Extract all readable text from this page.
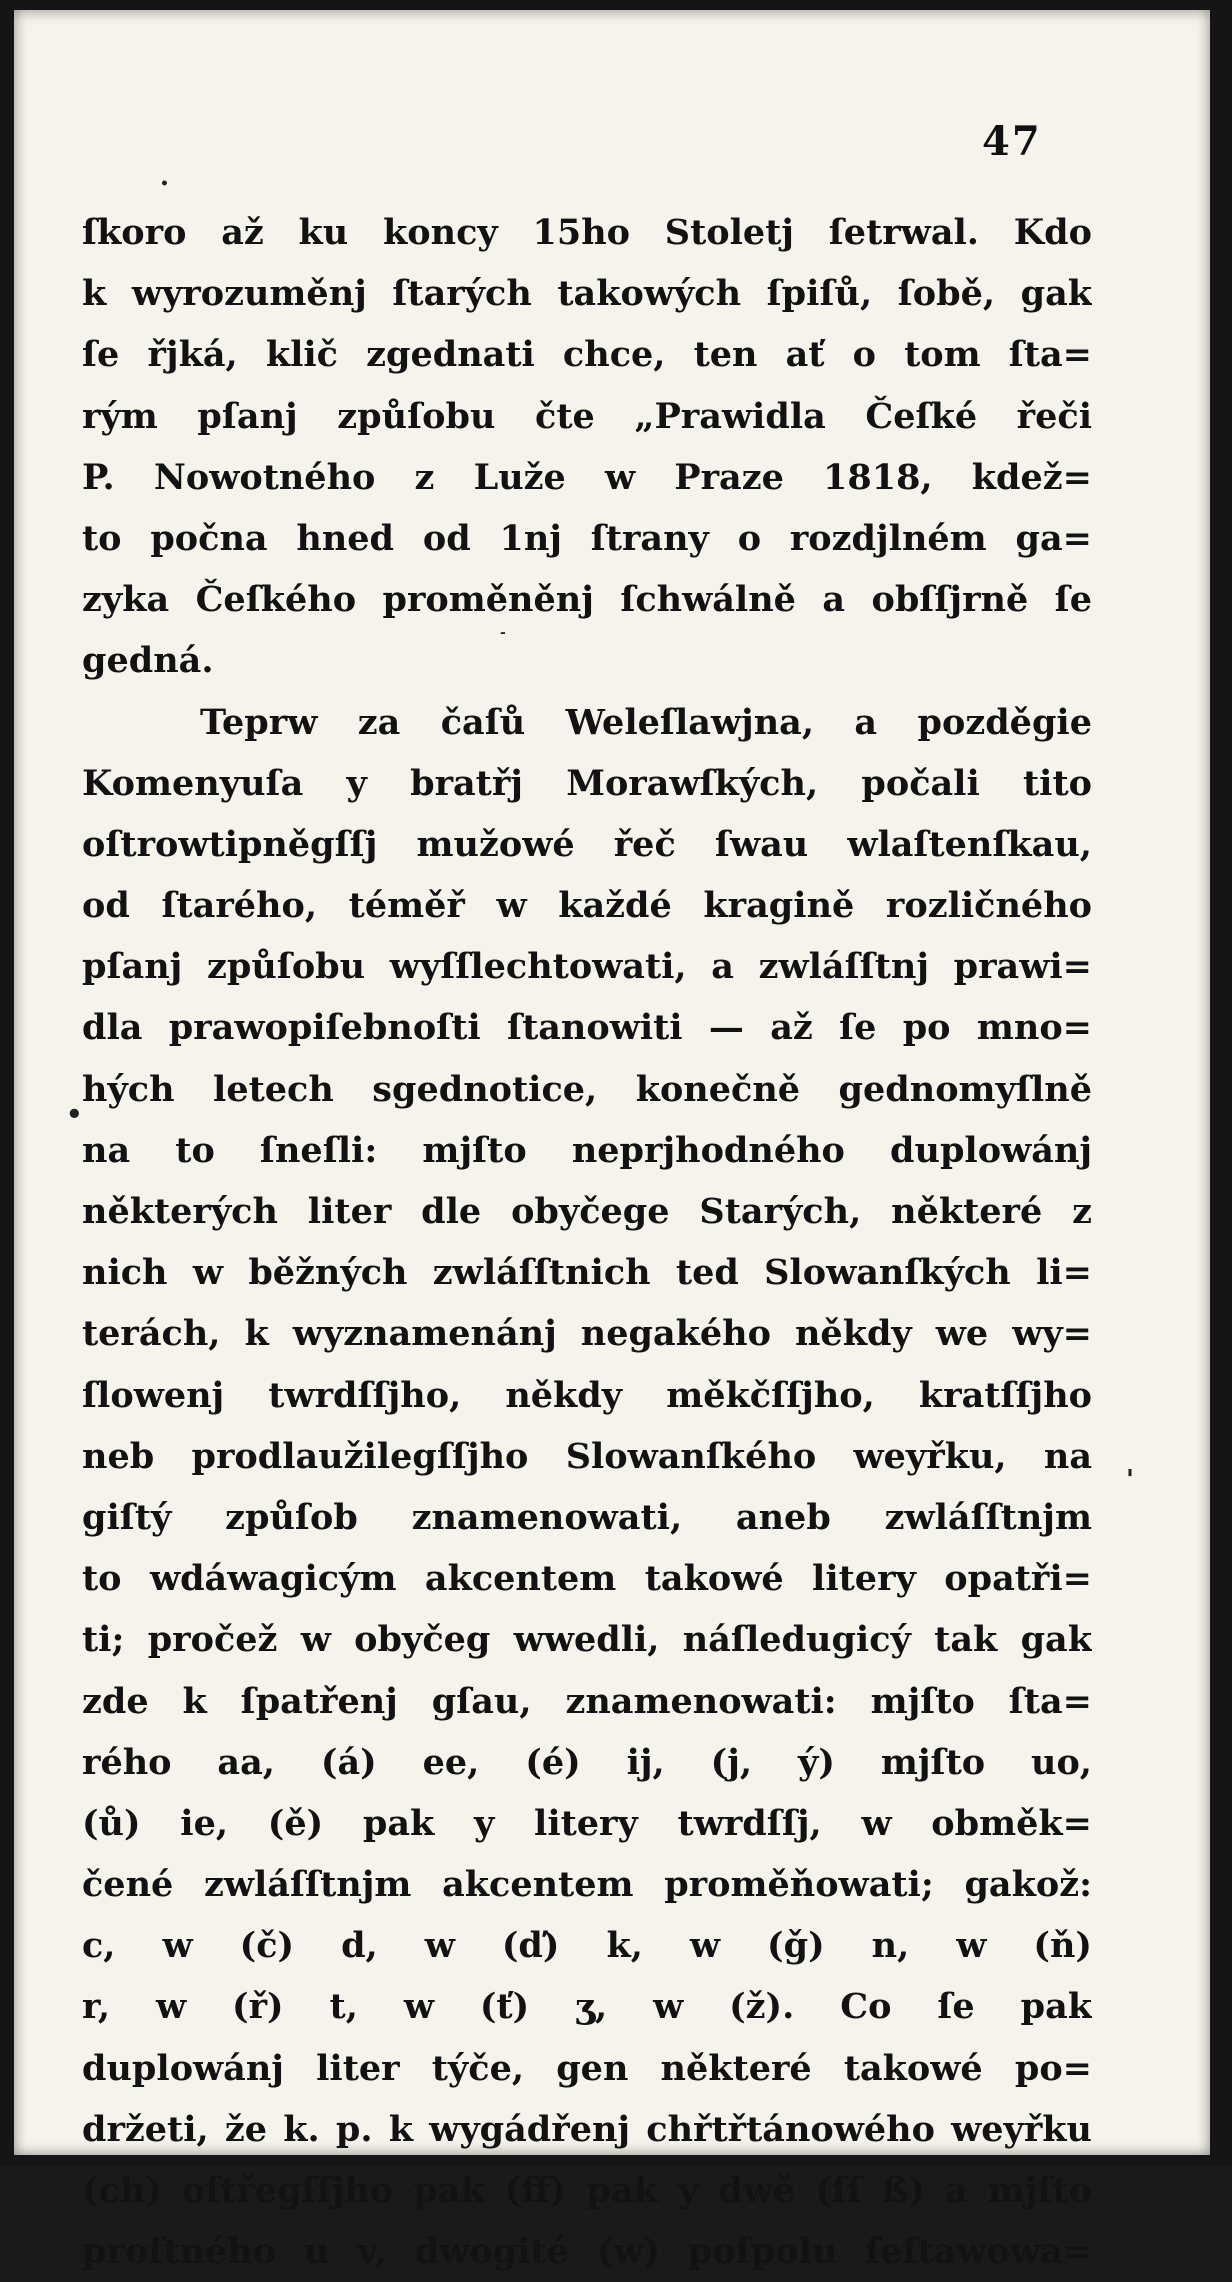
47
ſkoro až ku koncy 15ho Stoletj ſetrwal. Kdo
k wyrozuměnj ſtarých takowých ſpiſů, ſobě, gak
ſe řjká, klič zgednati chce, ten ať o tom ſta=
rým pſanj způſobu čte „Prawidla Čeſké řeči
P. Nowotného z Luže w Praze 1818, kdež=
to počna hned od 1nj ſtrany o rozdjlném ga=
zyka Čeſkého proměněnj ſchwálně a obſſjrně ſe
gedná.
Teprw za čaſů Weleſlawjna, a pozděgie
Komenyuſa y bratřj Morawſkých, počali tito
oſtrowtipněgſſj mužowé řeč ſwau wlaſtenſkau,
od ſtarého, téměř w každé kragině rozličného
pſanj způſobu wyſſlechtowati, a zwláſſtnj prawi=
dla prawopiſebnoſti ſtanowiti — až ſe po mno=
hých letech sgednotice, konečně gednomyſlně
na to ſneſli: mjſto neprjhodného duplowánj
některých liter dle obyčege Starých, některé z
nich w běžných zwláſſtnich ted Slowanſkých li=
terách, k wyznamenánj negakého někdy we wy=
ſlowenj twrdſſjho, někdy měkčſſjho, kratſſjho
neb prodlaužilegſſjho Slowanſkého weyřku, na
giſtý způſob znamenowati, aneb zwláſſtnjm
to wdáwagicým akcentem takowé litery opatři=
ti; pročež w obyčeg wwedli, náſledugicý tak gak
zde k ſpatřenj gſau, znamenowati: mjſto ſta=
rého aa, (á) ee, (é) ij, (j, ý) mjſto uo,
(ů) ie, (ě) pak y litery twrdſſj, w obměk=
čené zwláſſtnjm akcentem proměňowati; gakož:
c, w (č) d, w (ď) k, w (ǧ) n, w (ň)
r, w (ř) t, w (ť) ʒ, w (ž). Co ſe pak
duplowánj liter týče, gen některé takowé po=
držeti, že k. p. k wygádřenj chřtřtánowého weyřku
(ch) oſtřegſſjho pak (ff) pak y dwě (ſſ ß) a mjſto
proſtného u v, dwogité (w) poſpolu ſeſtawowa=
•
-
•
'
